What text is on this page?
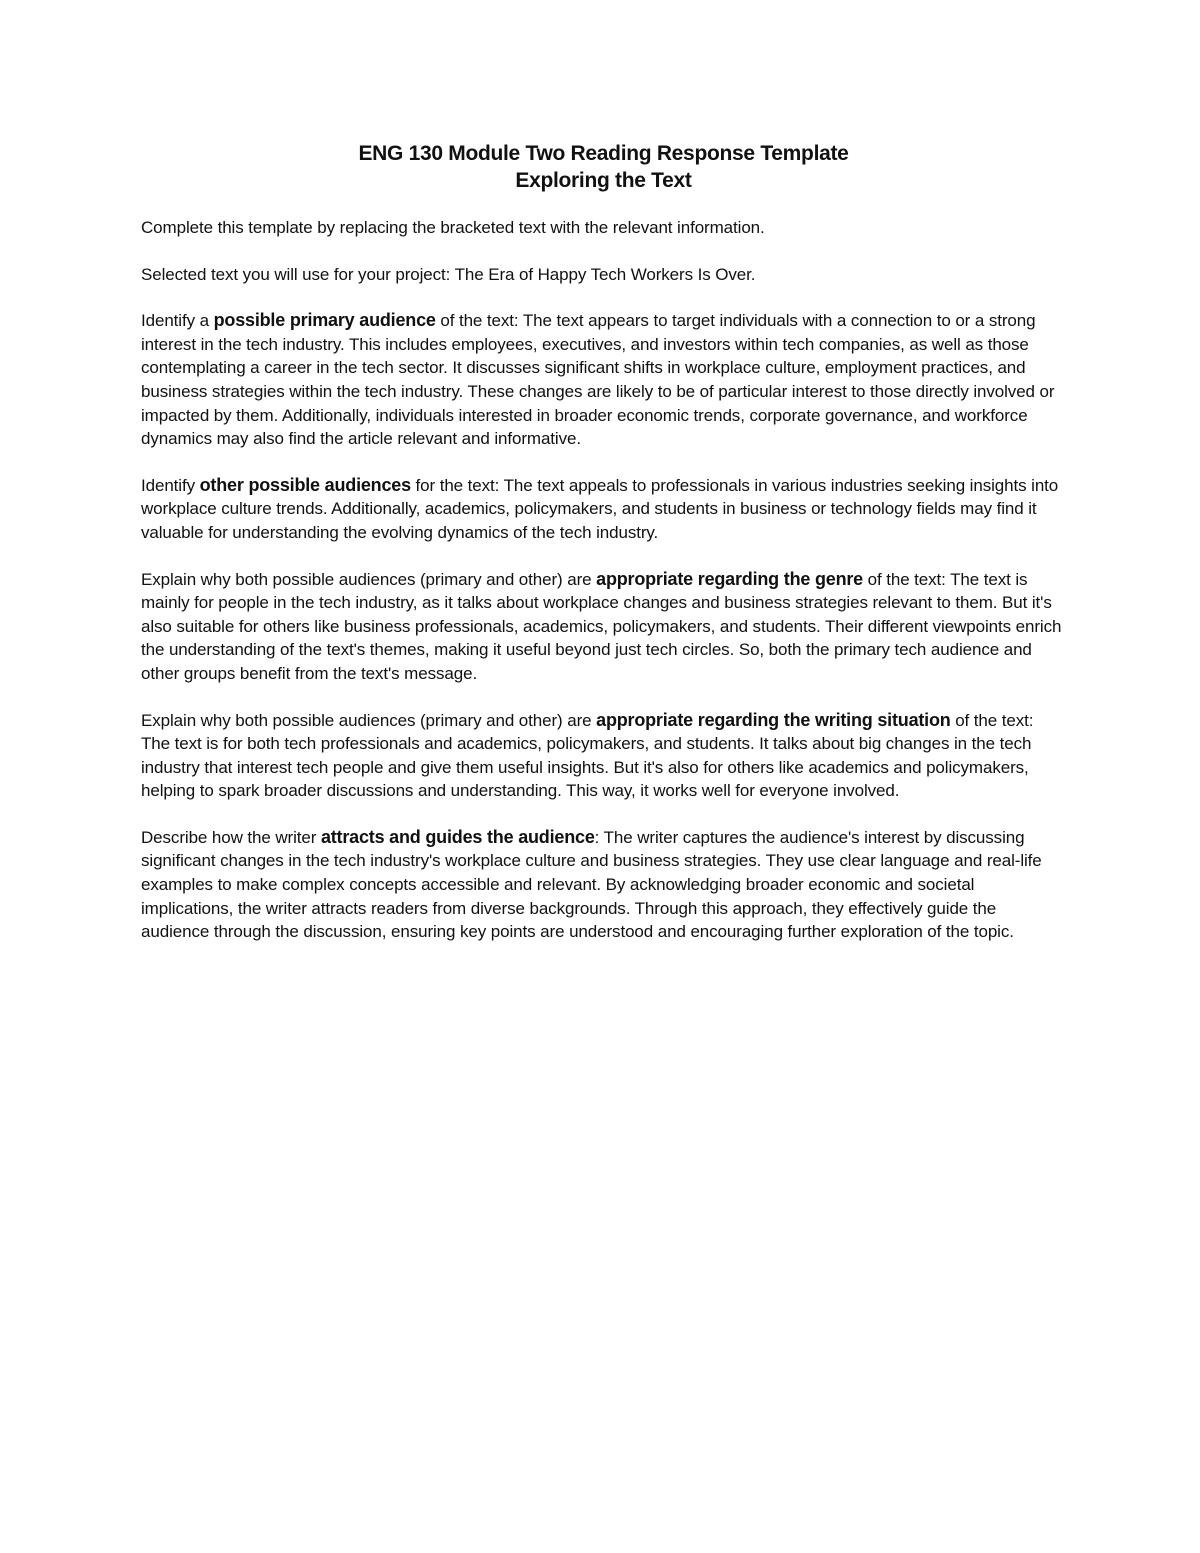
ENG 130 Module Two Reading Response Template
Exploring the Text

Complete this template by replacing the bracketed text with the relevant information.

Selected text you will use for your project: The Era of Happy Tech Workers Is Over.

Identify a possible primary audience of the text: The text appears to target individuals with a connection to or a strong interest in the tech industry. This includes employees, executives, and investors within tech companies, as well as those contemplating a career in the tech sector. It discusses significant shifts in workplace culture, employment practices, and business strategies within the tech industry. These changes are likely to be of particular interest to those directly involved or impacted by them. Additionally, individuals interested in broader economic trends, corporate governance, and workforce dynamics may also find the article relevant and informative.

Identify other possible audiences for the text: The text appeals to professionals in various industries seeking insights into workplace culture trends. Additionally, academics, policymakers, and students in business or technology fields may find it valuable for understanding the evolving dynamics of the tech industry.

Explain why both possible audiences (primary and other) are appropriate regarding the genre of the text: The text is mainly for people in the tech industry, as it talks about workplace changes and business strategies relevant to them. But it's also suitable for others like business professionals, academics, policymakers, and students. Their different viewpoints enrich the understanding of the text's themes, making it useful beyond just tech circles. So, both the primary tech audience and other groups benefit from the text's message.

Explain why both possible audiences (primary and other) are appropriate regarding the writing situation of the text: The text is for both tech professionals and academics, policymakers, and students. It talks about big changes in the tech industry that interest tech people and give them useful insights. But it's also for others like academics and policymakers, helping to spark broader discussions and understanding. This way, it works well for everyone involved.

Describe how the writer attracts and guides the audience: The writer captures the audience's interest by discussing significant changes in the tech industry's workplace culture and business strategies. They use clear language and real-life examples to make complex concepts accessible and relevant. By acknowledging broader economic and societal implications, the writer attracts readers from diverse backgrounds. Through this approach, they effectively guide the audience through the discussion, ensuring key points are understood and encouraging further exploration of the topic.
